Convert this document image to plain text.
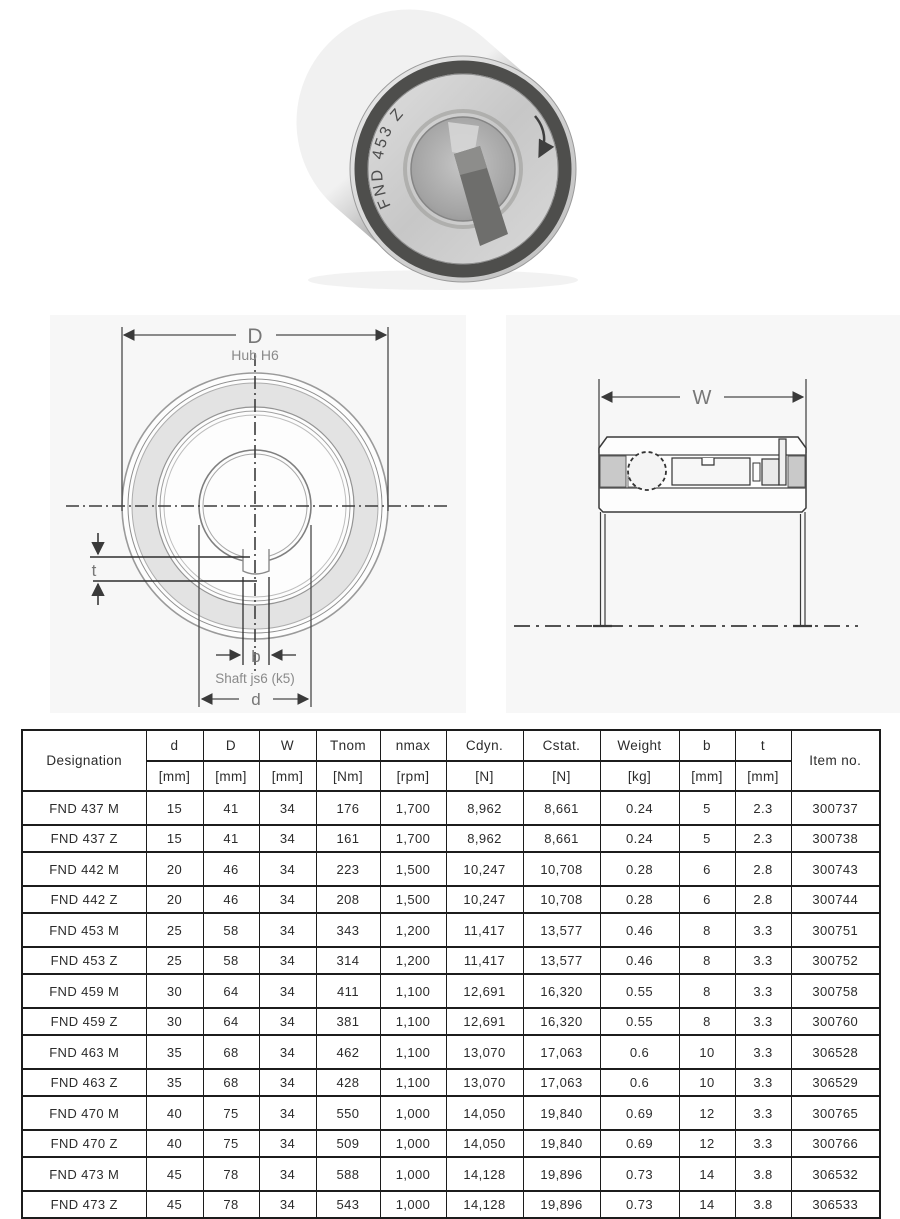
FND 453 Z
D
Hub H6
t
b
Shaft js6 (k5)
d
W
Designation	d	D	W	Tnom	nmax	Cdyn.	Cstat.	Weight	b	t	Item no.
	[mm]	[mm]	[mm]	[Nm]	[rpm]	[N]	[N]	[kg]	[mm]	[mm]	
FND 437 M	15	41	34	176	1,700	8,962	8,661	0.24	5	2.3	300737
FND 437 Z	15	41	34	161	1,700	8,962	8,661	0.24	5	2.3	300738
FND 442 M	20	46	34	223	1,500	10,247	10,708	0.28	6	2.8	300743
FND 442 Z	20	46	34	208	1,500	10,247	10,708	0.28	6	2.8	300744
FND 453 M	25	58	34	343	1,200	11,417	13,577	0.46	8	3.3	300751
FND 453 Z	25	58	34	314	1,200	11,417	13,577	0.46	8	3.3	300752
FND 459 M	30	64	34	411	1,100	12,691	16,320	0.55	8	3.3	300758
FND 459 Z	30	64	34	381	1,100	12,691	16,320	0.55	8	3.3	300760
FND 463 M	35	68	34	462	1,100	13,070	17,063	0.6	10	3.3	306528
FND 463 Z	35	68	34	428	1,100	13,070	17,063	0.6	10	3.3	306529
FND 470 M	40	75	34	550	1,000	14,050	19,840	0.69	12	3.3	300765
FND 470 Z	40	75	34	509	1,000	14,050	19,840	0.69	12	3.3	300766
FND 473 M	45	78	34	588	1,000	14,128	19,896	0.73	14	3.8	306532
FND 473 Z	45	78	34	543	1,000	14,128	19,896	0.73	14	3.8	306533
